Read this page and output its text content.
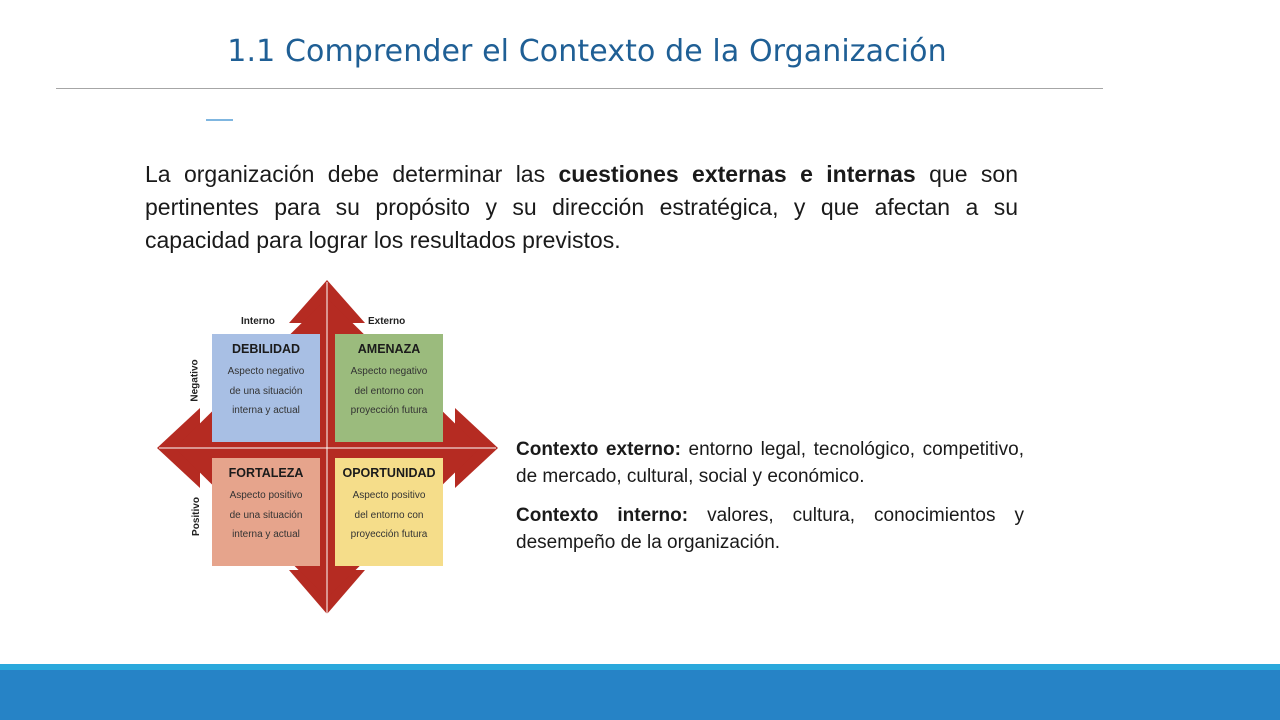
1.1 Comprender el Contexto de la Organización
La organización debe determinar las cuestiones externas e internas que son pertinentes para su propósito y su dirección estratégica, y que afectan a su capacidad para lograr los resultados previstos.
Interno	Externo
Negativo
Positivo
DEBILIDAD
Aspecto negativo
de una situación
interna y actual
AMENAZA
Aspecto negativo
del entorno con
proyección futura
FORTALEZA
Aspecto positivo
de una situación
interna y actual
OPORTUNIDAD
Aspecto positivo
del entorno con
proyección futura

Contexto externo: entorno legal, tecnológico, competitivo, de mercado, cultural, social y económico.

Contexto interno: valores, cultura, conocimientos y desempeño de la organización.
